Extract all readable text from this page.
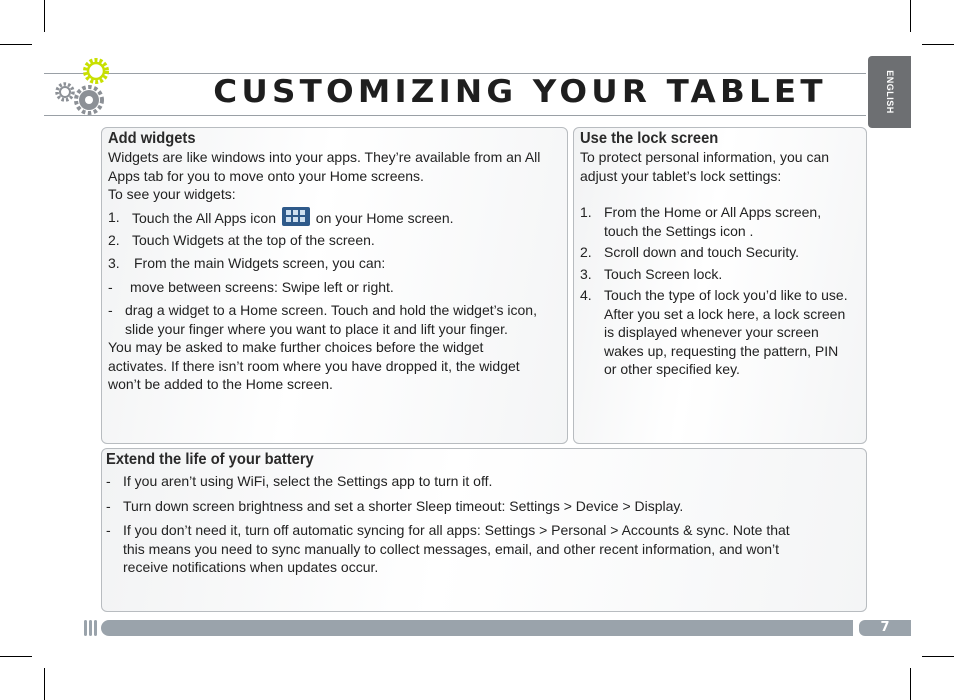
CUSTOMIZING YOUR TABLET	ENGLISH
Add widgets
Widgets are like windows into your apps. They’re available from an All
Apps tab for you to move onto your Home screens.
To see your widgets:
1. Touch the All Apps icon	on your Home screen.
2. Touch Widgets at the top of the screen.
3. From the main Widgets screen, you can:
- move between screens: Swipe left or right.
- drag a widget to a Home screen. Touch and hold the widget’s icon,
slide your finger where you want to place it and lift your finger.
You may be asked to make further choices before the widget
activates. If there isn’t room where you have dropped it, the widget
won’t be added to the Home screen.
Use the lock screen
To protect personal information, you can
adjust your tablet’s lock settings:
1. From the Home or All Apps screen,
touch the Settings icon .
2. Scroll down and touch Security.
3. Touch Screen lock.
4. Touch the type of lock you’d like to use.
After you set a lock here, a lock screen
is displayed whenever your screen
wakes up, requesting the pattern, PIN
or other specified key.
Extend the life of your battery
- If you aren’t using WiFi, select the Settings app to turn it off.
- Turn down screen brightness and set a shorter Sleep timeout: Settings > Device > Display.
- If you don’t need it, turn off automatic syncing for all apps: Settings > Personal > Accounts & sync. Note that
this means you need to sync manually to collect messages, email, and other recent information, and won’t
receive notifications when updates occur.
7
